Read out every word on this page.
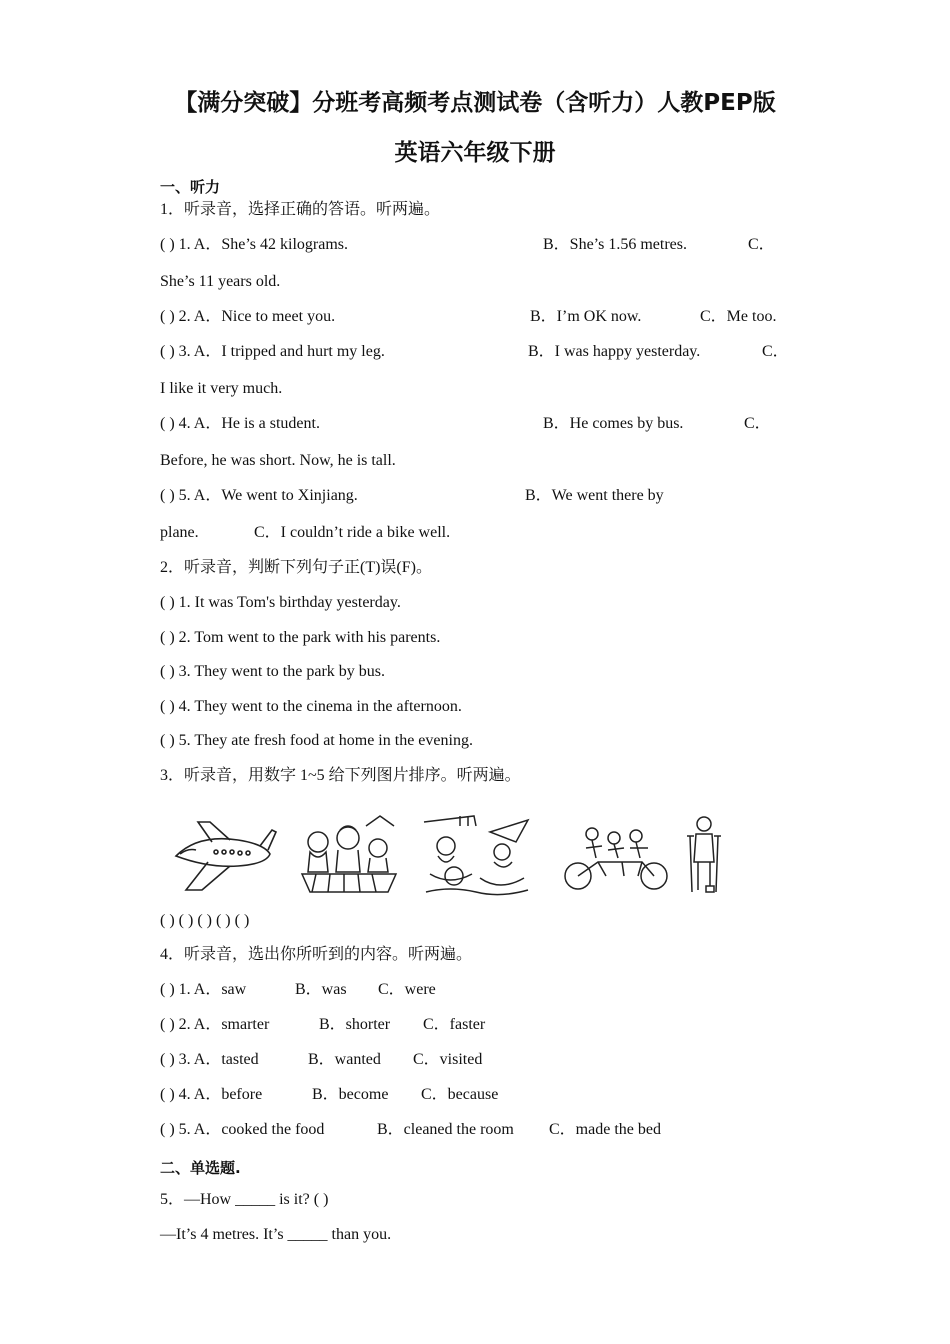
【满分突破】分班考高频考点测试卷（含听力）人教PEP版
英语六年级下册
一、听力
1．听录音，选择正确的答语。听两遍。
( ) 1. A．She’s 42 kilograms.	B．She’s 1.56 metres.	C．
She’s 11 years old.
( ) 2. A．Nice to meet you.	B．I’m OK now.	C．Me too.
( ) 3. A．I tripped and hurt my leg.	B．I was happy yesterday.	C．
I like it very much.
( ) 4. A．He is a student.	B．He comes by bus.	C．
Before, he was short. Now, he is tall.
( ) 5. A．We went to Xinjiang.	B．We went there by
plane.	C．I couldn’t ride a bike well.
2．听录音，判断下列句子正(T)误(F)。
( ) 1. It was Tom's birthday yesterday.
( ) 2. Tom went to the park with his parents.
( ) 3. They went to the park by bus.
( ) 4. They went to the cinema in the afternoon.
( ) 5. They ate fresh food at home in the evening.
3．听录音，用数字 1~5 给下列图片排序。听两遍。
( ) ( ) ( ) ( ) ( )
4．听录音，选出你所听到的内容。听两遍。
( ) 1. A．saw	B．was C．were
( ) 2. A．smarter	B．shorter C．faster
( ) 3. A．tasted	B．wanted C．visited
( ) 4. A．before	B．become C．because
( ) 5. A．cooked the food	B．cleaned the room C．made the bed
二、单选题.
5．—How _____ is it? ( )
—It’s 4 metres. It’s _____ than you.
